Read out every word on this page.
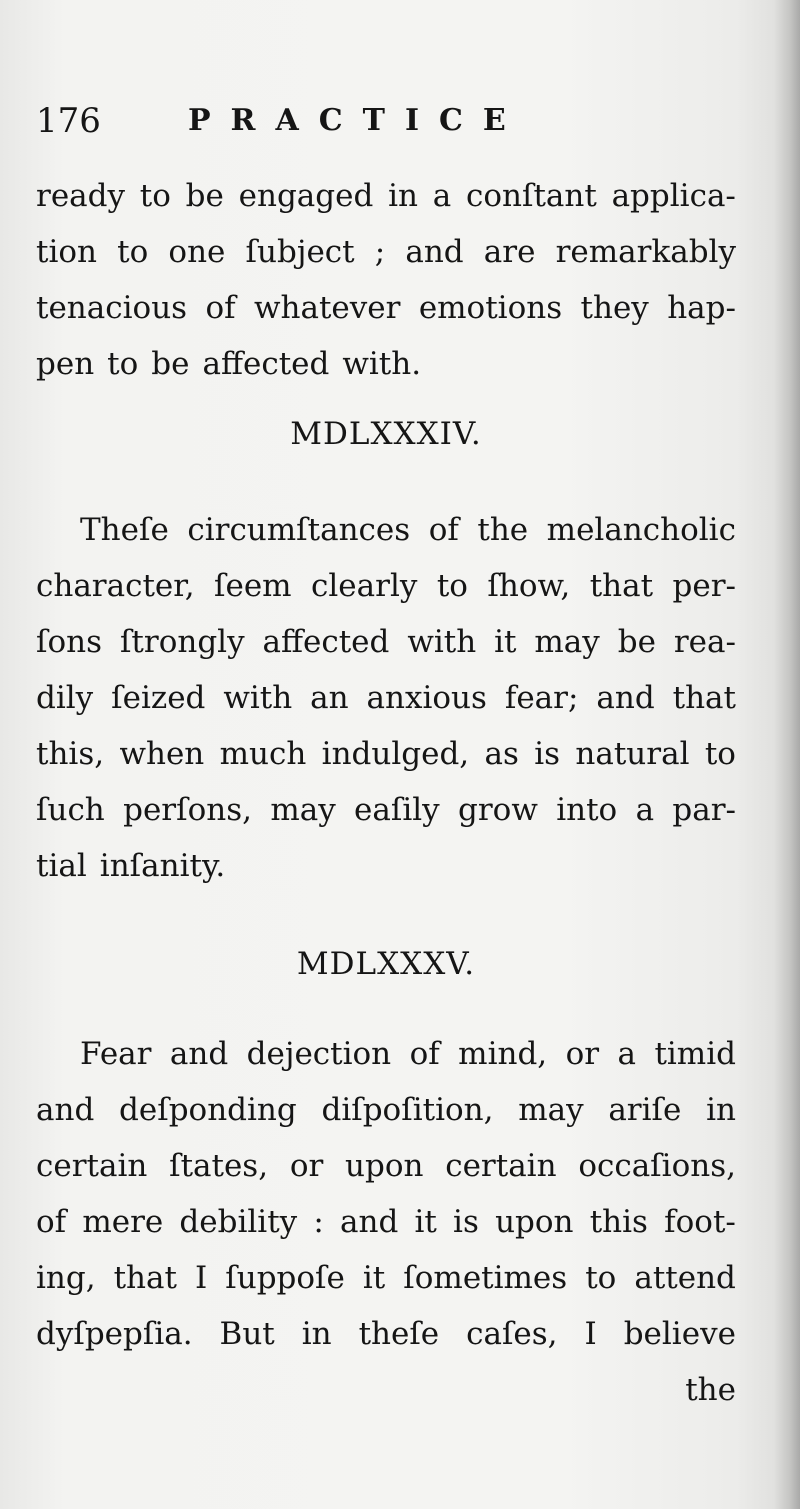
176	PRACTICE
ready to be engaged in a conſtant applica-
tion to one ſubject ; and are remarkably
tenacious of whatever emotions they hap-
pen to be affected with.
MDLXXXIV.
Theſe circumſtances of the melancholic
character, ſeem clearly to ſhow, that per-
ſons ſtrongly affected with it may be rea-
dily ſeized with an anxious fear; and that
this, when much indulged, as is natural to
ſuch perſons, may eaſily grow into a par-
tial inſanity.
MDLXXXV.
Fear and dejection of mind, or a timid
and deſponding diſpoſition, may ariſe in
certain ſtates, or upon certain occaſions,
of mere debility : and it is upon this foot-
ing, that I ſuppoſe it ſometimes to attend
dyſpepſia. But in theſe caſes, I believe
the
